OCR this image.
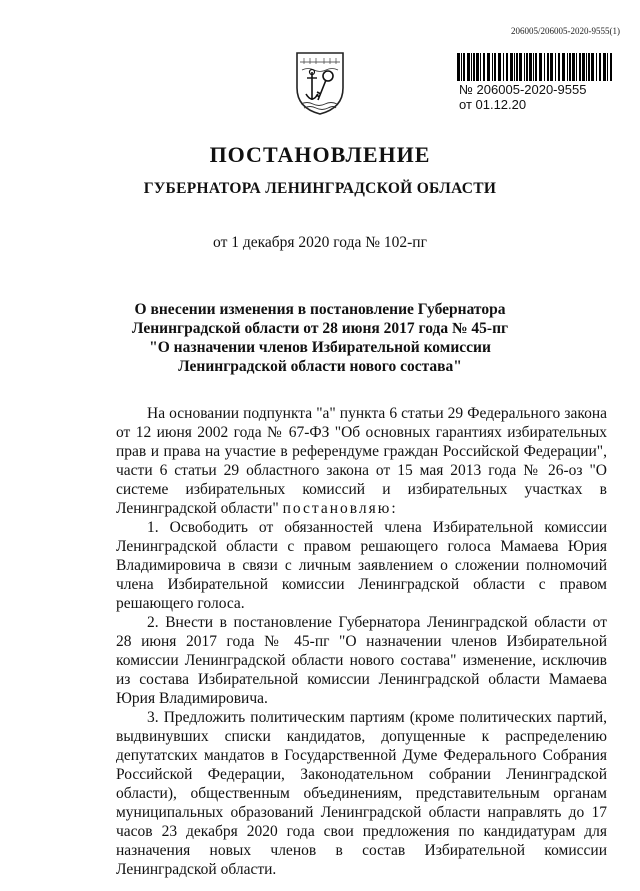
206005/206005-2020-9555(1)
№ 206005-2020-9555
от 01.12.20
ПОСТАНОВЛЕНИЕ
ГУБЕРНАТОРА ЛЕНИНГРАДСКОЙ ОБЛАСТИ
от 1 декабря 2020 года № 102-пг
О внесении изменения в постановление Губернатора
Ленинградской области от 28 июня 2017 года № 45-пг
"О назначении членов Избирательной комиссии
Ленинградской области нового состава"
На основании подпункта "а" пункта 6 статьи 29 Федерального закона от 12 июня 2002 года № 67-ФЗ "Об основных гарантиях избирательных прав и права на участие в референдуме граждан Российской Федерации", части 6 статьи 29 областного закона от 15 мая 2013 года № 26-оз "О системе избирательных комиссий и избирательных участках в Ленинградской области" постановляю:
1. Освободить от обязанностей члена Избирательной комиссии Ленинградской области с правом решающего голоса Мамаева Юрия Владимировича в связи с личным заявлением о сложении полномочий члена Избирательной комиссии Ленинградской области с правом решающего голоса.
2. Внести в постановление Губернатора Ленинградской области от 28 июня 2017 года № 45-пг "О назначении членов Избирательной комиссии Ленинградской области нового состава" изменение, исключив из состава Избирательной комиссии Ленинградской области Мамаева Юрия Владимировича.
3. Предложить политическим партиям (кроме политических партий, выдвинувших списки кандидатов, допущенные к распределению депутатских мандатов в Государственной Думе Федерального Собрания Российской Федерации, Законодательном собрании Ленинградской области), общественным объединениям, представительным органам муниципальных образований Ленинградской области направлять до 17 часов 23 декабря 2020 года свои предложения по кандидатурам для назначения новых членов в состав Избирательной комиссии Ленинградской области.
